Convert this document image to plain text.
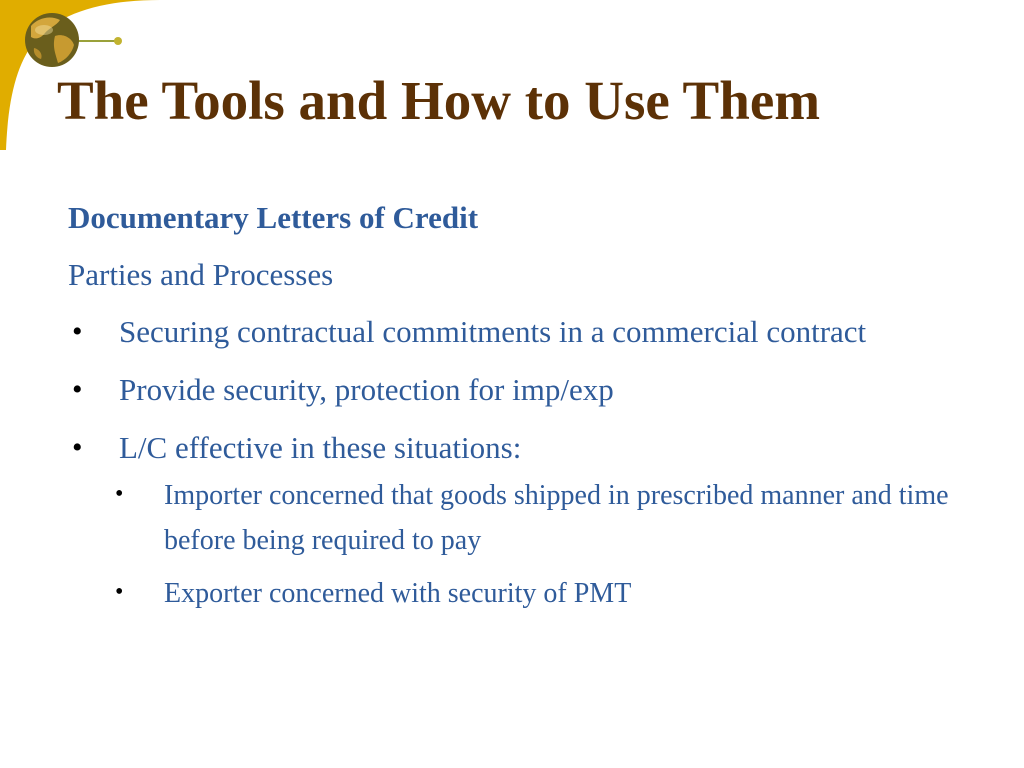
The Tools and How to Use Them
Documentary Letters of Credit
Parties and Processes
• Securing contractual commitments in a commercial contract
• Provide security, protection for imp/exp
• L/C effective in these situations:
• Importer concerned that goods shipped in prescribed manner and time before being required to pay
• Exporter concerned with security of PMT
